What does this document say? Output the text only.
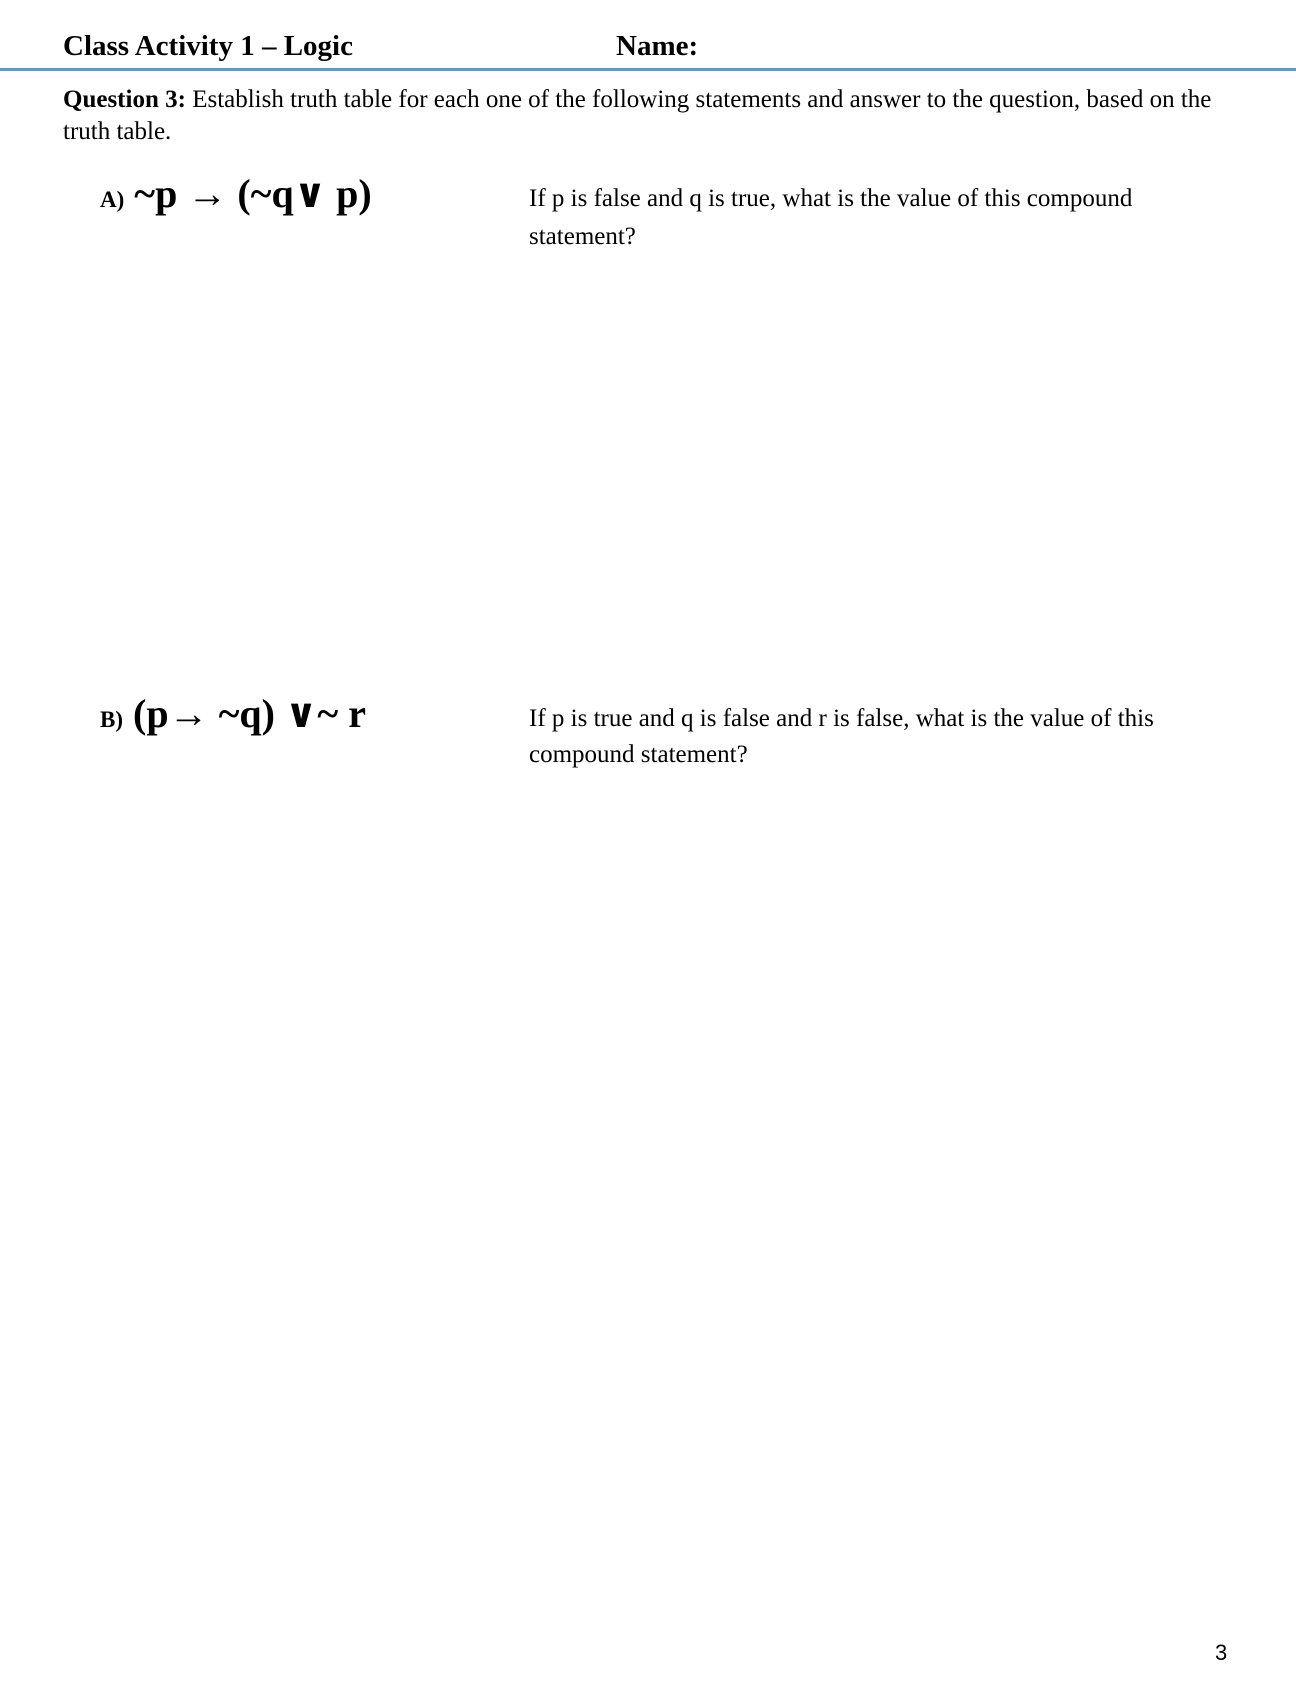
Class Activity 1 – Logic	Name:
Question 3: Establish truth table for each one of the following statements and answer to the question, based on the truth table.
A) ~p → (~q∨ p)	If p is false and q is true, what is the value of this compound statement?
B) (p→ ~q) ∨~ r	If p is true and q is false and r is false, what is the value of this compound statement?
3
